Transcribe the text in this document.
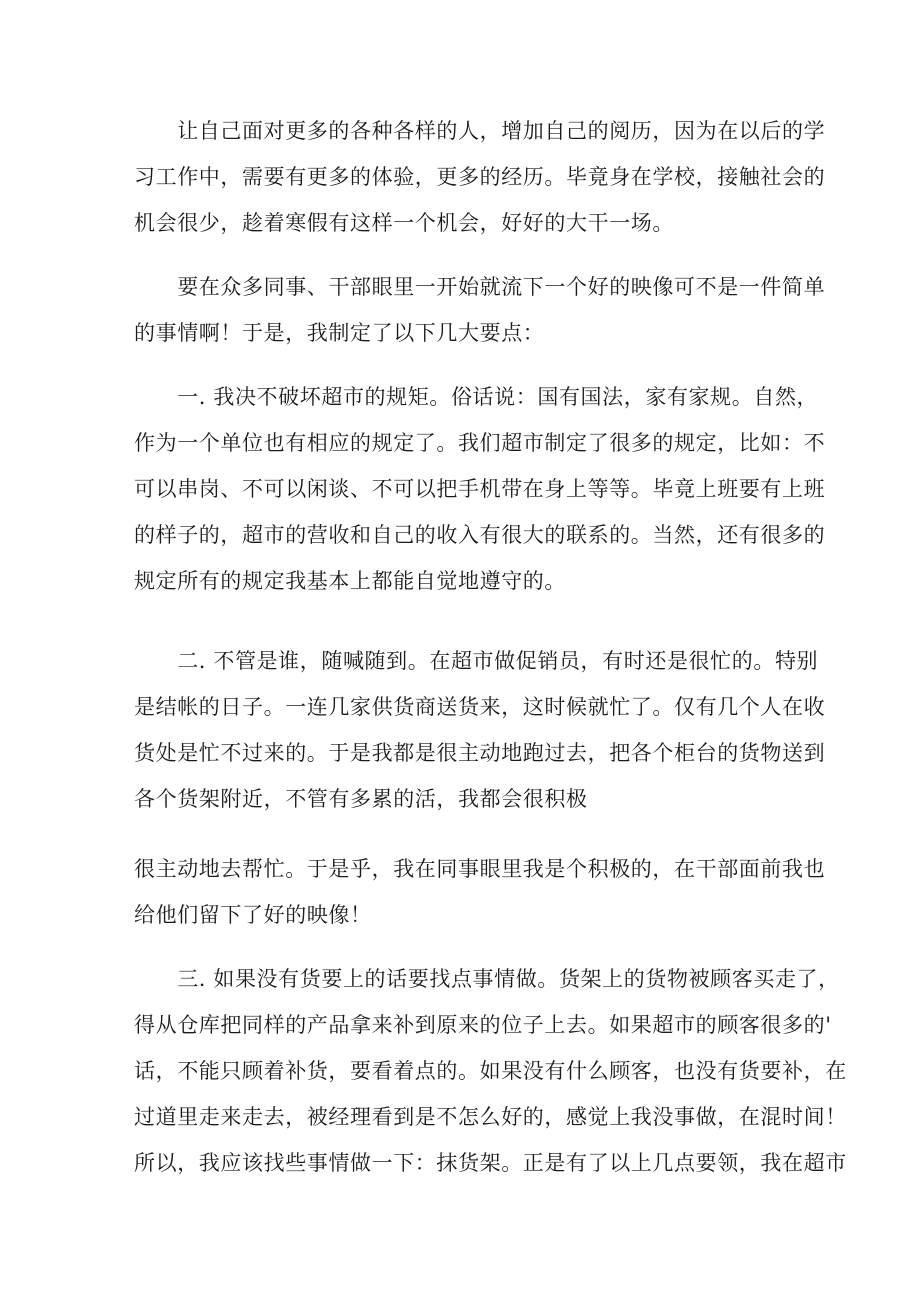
　　让自己面对更多的各种各样的人，增加自己的阅历，因为在以后的学
习工作中，需要有更多的体验，更多的经历。毕竟身在学校，接触社会的
机会很少，趁着寒假有这样一个机会，好好的大干一场。

　　要在众多同事、干部眼里一开始就流下一个好的映像可不是一件简单
的事情啊！于是，我制定了以下几大要点：

　　一. 我决不破坏超市的规矩。俗话说：国有国法，家有家规。自然，
作为一个单位也有相应的规定了。我们超市制定了很多的规定，比如：不
可以串岗、不可以闲谈、不可以把手机带在身上等等。毕竟上班要有上班
的样子的，超市的营收和自己的收入有很大的联系的。当然，还有很多的
规定所有的规定我基本上都能自觉地遵守的。

　　二. 不管是谁，随喊随到。在超市做促销员，有时还是很忙的。特别
是结帐的日子。一连几家供货商送货来，这时候就忙了。仅有几个人在收
货处是忙不过来的。于是我都是很主动地跑过去，把各个柜台的货物送到
各个货架附近，不管有多累的活，我都会很积极

很主动地去帮忙。于是乎，我在同事眼里我是个积极的，在干部面前我也
给他们留下了好的映像！

　　三. 如果没有货要上的话要找点事情做。货架上的货物被顾客买走了，
得从仓库把同样的产品拿来补到原来的位子上去。如果超市的顾客很多的'
话，不能只顾着补货，要看着点的。如果没有什么顾客，也没有货要补，在
过道里走来走去，被经理看到是不怎么好的，感觉上我没事做，在混时间！
所以，我应该找些事情做一下：抹货架。正是有了以上几点要领，我在超市
